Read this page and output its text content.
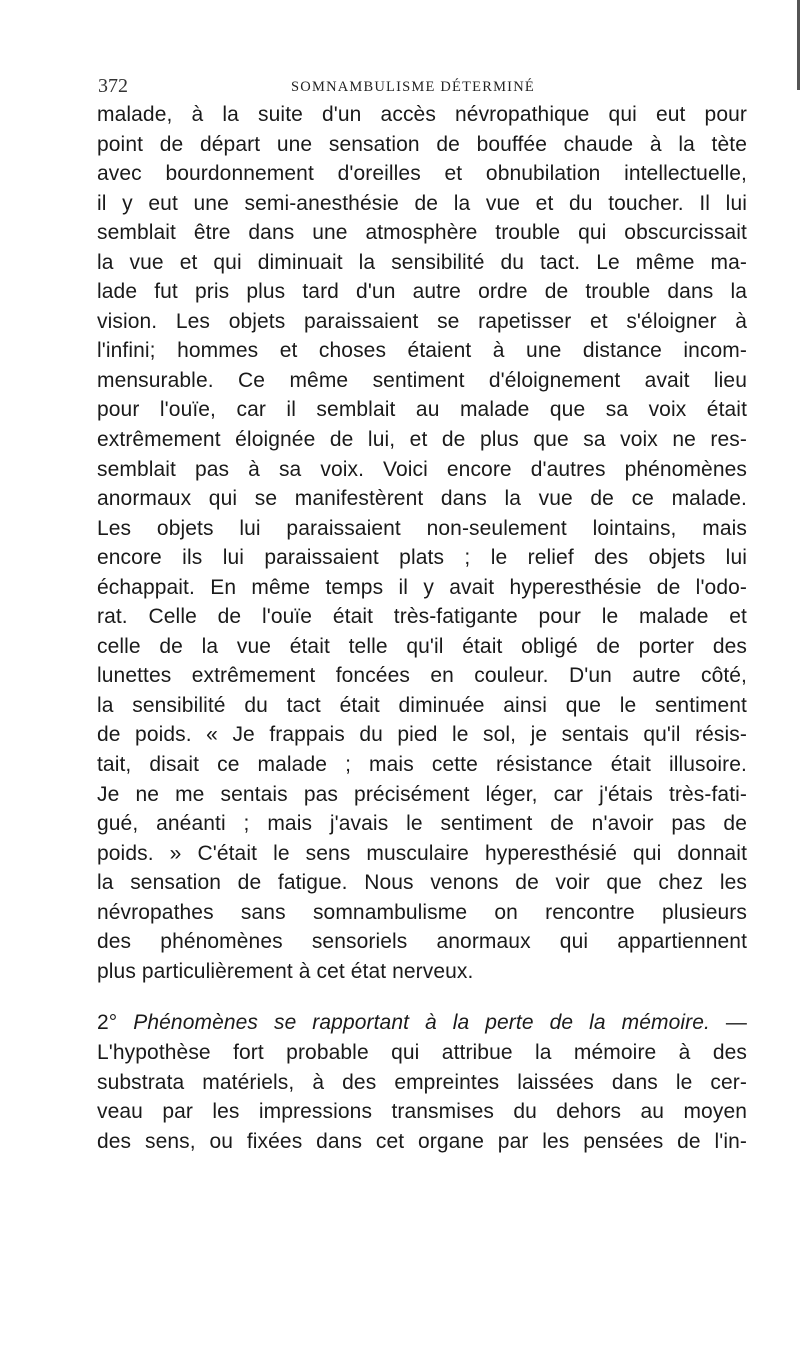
372	SOMNAMBULISME DÉTERMINÉ
malade, à la suite d'un accès névropathique qui eut pour
point de départ une sensation de bouffée chaude à la tète
avec bourdonnement d'oreilles et obnubilation intellectuelle,
il y eut une semi-anesthésie de la vue et du toucher. Il lui
semblait être dans une atmosphère trouble qui obscurcissait
la vue et qui diminuait la sensibilité du tact. Le même ma-
lade fut pris plus tard d'un autre ordre de trouble dans la
vision. Les objets paraissaient se rapetisser et s'éloigner à
l'infini; hommes et choses étaient à une distance incom-
mensurable. Ce même sentiment d'éloignement avait lieu
pour l'ouïe, car il semblait au malade que sa voix était
extrêmement éloignée de lui, et de plus que sa voix ne res-
semblait pas à sa voix. Voici encore d'autres phénomènes
anormaux qui se manifestèrent dans la vue de ce malade.
Les objets lui paraissaient non-seulement lointains, mais
encore ils lui paraissaient plats ; le relief des objets lui
échappait. En même temps il y avait hyperesthésie de l'odo-
rat. Celle de l'ouïe était très-fatigante pour le malade et
celle de la vue était telle qu'il était obligé de porter des
lunettes extrêmement foncées en couleur. D'un autre côté,
la sensibilité du tact était diminuée ainsi que le sentiment
de poids. « Je frappais du pied le sol, je sentais qu'il résis-
tait, disait ce malade ; mais cette résistance était illusoire.
Je ne me sentais pas précisément léger, car j'étais très-fati-
gué, anéanti ; mais j'avais le sentiment de n'avoir pas de
poids. » C'était le sens musculaire hyperesthésié qui donnait
la sensation de fatigue. Nous venons de voir que chez les
névropathes sans somnambulisme on rencontre plusieurs
des phénomènes sensoriels anormaux qui appartiennent
plus particulièrement à cet état nerveux.
2° Phénomènes se rapportant à la perte de la mémoire. —
L'hypothèse fort probable qui attribue la mémoire à des
substrata matériels, à des empreintes laissées dans le cer-
veau par les impressions transmises du dehors au moyen
des sens, ou fixées dans cet organe par les pensées de l'in-
